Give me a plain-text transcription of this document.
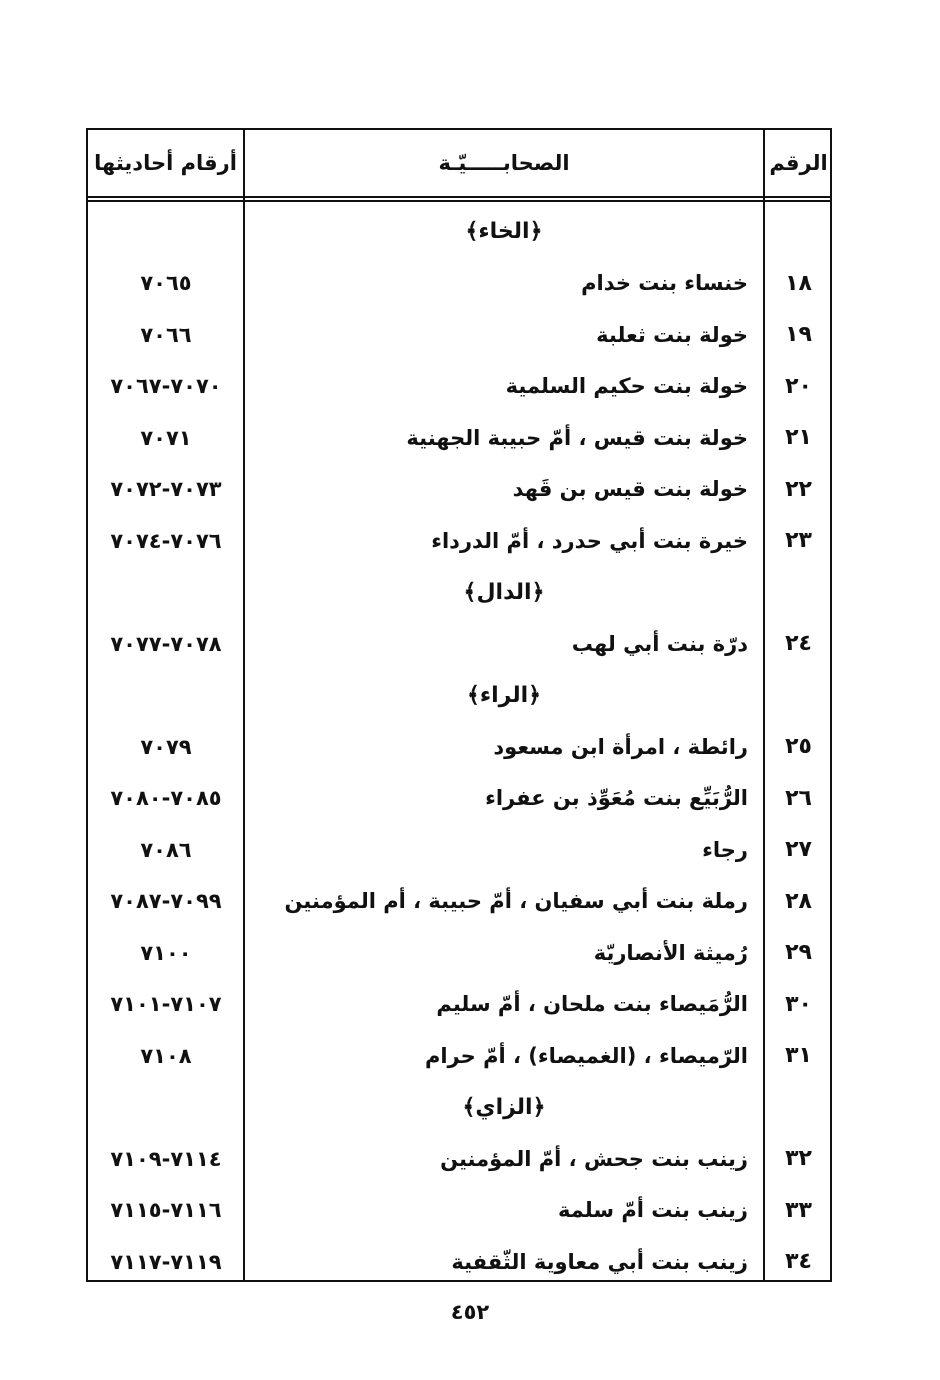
الرقم
الصحابـــــيّـة
أرقام أحاديثها
﴿الخاء﴾
١٨
خنساء بنت خدام
٧٠٦٥
١٩
خولة بنت ثعلبة
٧٠٦٦
٢٠
خولة بنت حكيم السلمية
٧٠٧٠-٧٠٦٧
٢١
خولة بنت قيس ، أمّ حبيبة الجهنية
٧٠٧١
٢٢
خولة بنت قيس بن قَهد
٧٠٧٣-٧٠٧٢
٢٣
خيرة بنت أبي حدرد ، أمّ الدرداء
٧٠٧٦-٧٠٧٤
﴿الدال﴾
٢٤
درّة بنت أبي لهب
٧٠٧٨-٧٠٧٧
﴿الراء﴾
٢٥
رائطة ، امرأة ابن مسعود
٧٠٧٩
٢٦
الرُّبَيِّع بنت مُعَوِّذ بن عفراء
٧٠٨٥-٧٠٨٠
٢٧
رجاء
٧٠٨٦
٢٨
رملة بنت أبي سفيان ، أمّ حبيبة ، أم المؤمنين
٧٠٩٩-٧٠٨٧
٢٩
رُميثة الأنصاريّة
٧١٠٠
٣٠
الرُّمَيصاء بنت ملحان ، أمّ سليم
٧١٠٧-٧١٠١
٣١
الرّميصاء ، (الغميصاء) ، أمّ حرام
٧١٠٨
﴿الزاي﴾
٣٢
زينب بنت جحش ، أمّ المؤمنين
٧١١٤-٧١٠٩
٣٣
زينب بنت أمّ سلمة
٧١١٦-٧١١٥
٣٤
زينب بنت أبي معاوية الثّقفية
٧١١٩-٧١١٧
٤٥٢
